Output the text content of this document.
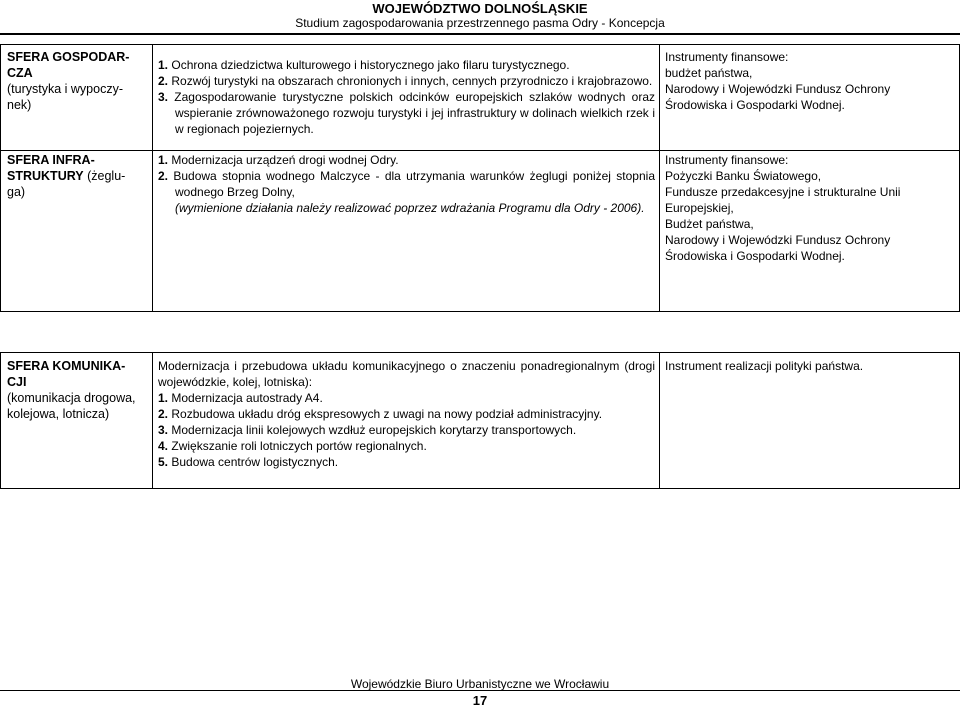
WOJEWÓDZTWO DOLNOŚLĄSKIE
Studium zagospodarowania przestrzennego pasma Odry - Koncepcja
SFERA GOSPODAR-
CZA
(turystyka i wypoczy-
nek)
1. Ochrona dziedzictwa kulturowego i historycznego jako filaru turystycznego.
2. Rozwój turystyki na obszarach chronionych i innych, cennych przyrodniczo i krajobrazowo.
3. Zagospodarowanie turystyczne polskich odcinków europejskich szlaków wodnych oraz wspieranie zrównoważonego rozwoju turystyki i jej infrastruktury w dolinach wielkich rzek i w regionach pojeziernych.
Instrumenty finansowe:
budżet państwa,
Narodowy i Wojewódzki Fundusz Ochrony Środowiska i Gospodarki Wodnej.
SFERA INFRA-
STRUKTURY (żeglu-
ga)
1. Modernizacja urządzeń drogi wodnej Odry.
2. Budowa stopnia wodnego Malczyce - dla utrzymania warunków żeglugi poniżej stopnia wodnego Brzeg Dolny,
(wymienione działania należy realizować poprzez wdrażania Programu dla Odry - 2006).
Instrumenty finansowe:
Pożyczki Banku Światowego,
Fundusze przedakcesyjne i strukturalne Unii Europejskiej,
Budżet państwa,
Narodowy i Wojewódzki Fundusz Ochrony Środowiska i Gospodarki Wodnej.
SFERA KOMUNIKA-
CJI
(komunikacja drogowa,
kolejowa, lotnicza)
Modernizacja i przebudowa układu komunikacyjnego o znaczeniu ponadregionalnym (drogi wojewódzkie, kolej, lotniska):
1. Modernizacja autostrady A4.
2. Rozbudowa układu dróg ekspresowych z uwagi na nowy podział administracyjny.
3. Modernizacja linii kolejowych wzdłuż europejskich korytarzy transportowych.
4. Zwiększanie roli lotniczych portów regionalnych.
5. Budowa centrów logistycznych.
Instrument realizacji polityki państwa.
Wojewódzkie Biuro Urbanistyczne we Wrocławiu
17
